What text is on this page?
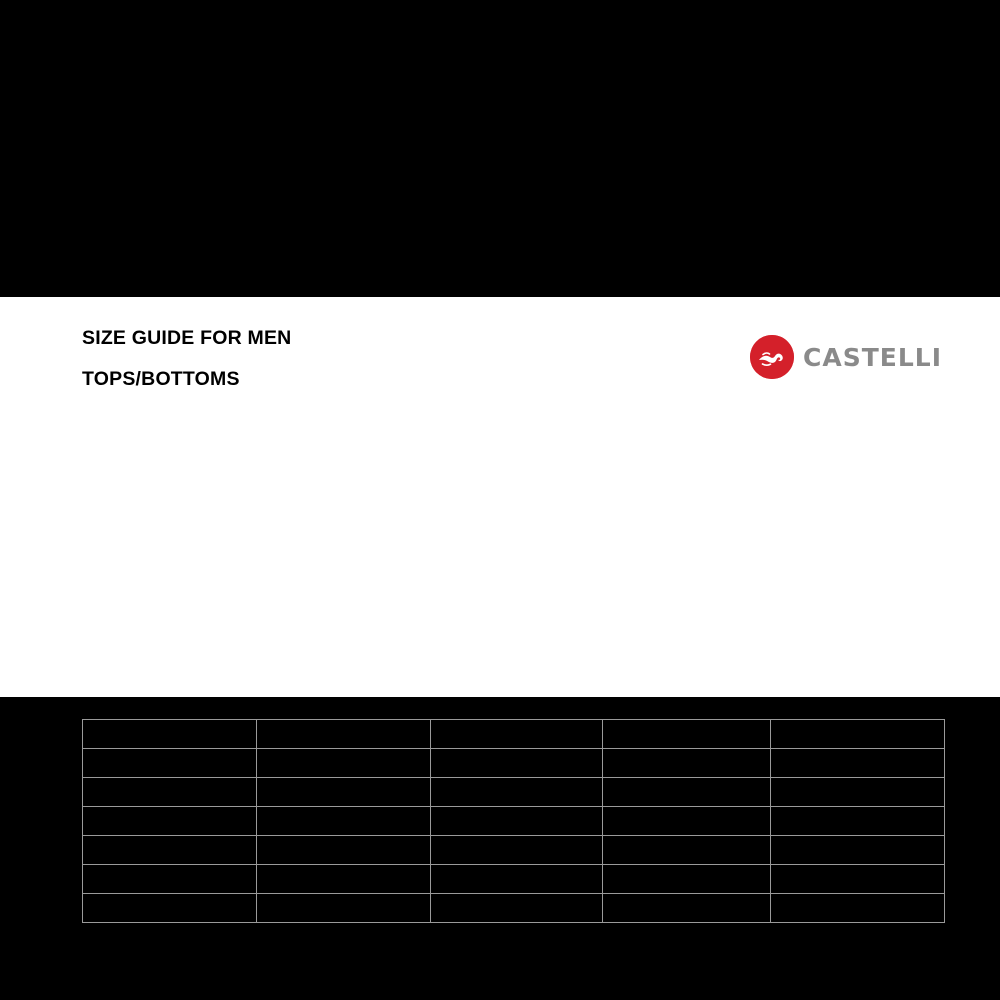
SIZE GUIDE FOR MEN
TOPS/BOTTOMS
CASTELLI
SIZES	CHEST	WAIST	HIPS	INSEAM
S	91	77	93	81
M	95	83	97	82
L	99	87	101	83
XL	104	92	106	85
2XL	109	97	111	86
3XL	114	102	116	86,5
*Note all measures are in cm.
